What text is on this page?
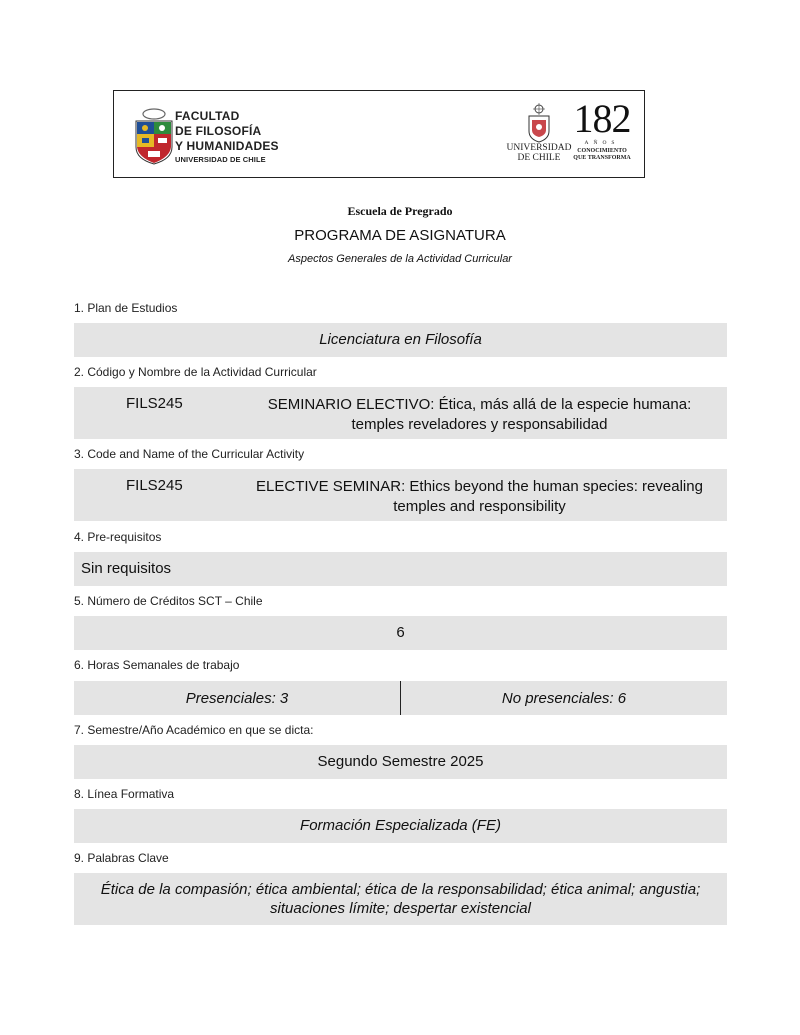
FACULTAD
DE FILOSOFÍA
Y HUMANIDADES
UNIVERSIDAD DE CHILE
UNIVERSIDAD
DE CHILE
182
AÑOS
CONOCIMIENTO
QUE TRANSFORMA
Escuela de Pregrado
PROGRAMA DE ASIGNATURA
Aspectos Generales de la Actividad Curricular
1. Plan de Estudios
Licenciatura en Filosofía
2. Código y Nombre de la Actividad Curricular
FILS245	SEMINARIO ELECTIVO: Ética, más allá de la especie humana:
temples reveladores y responsabilidad
3. Code and Name of the Curricular Activity
FILS245	ELECTIVE SEMINAR: Ethics beyond the human species: revealing
temples and responsibility
4. Pre-requisitos
Sin requisitos
5. Número de Créditos SCT – Chile
6
6. Horas Semanales de trabajo
Presenciales: 3	No presenciales: 6
7. Semestre/Año Académico en que se dicta:
Segundo Semestre 2025
8. Línea Formativa
Formación Especializada (FE)
9. Palabras Clave
Ética de la compasión; ética ambiental; ética de la responsabilidad; ética animal; angustia;
situaciones límite; despertar existencial
